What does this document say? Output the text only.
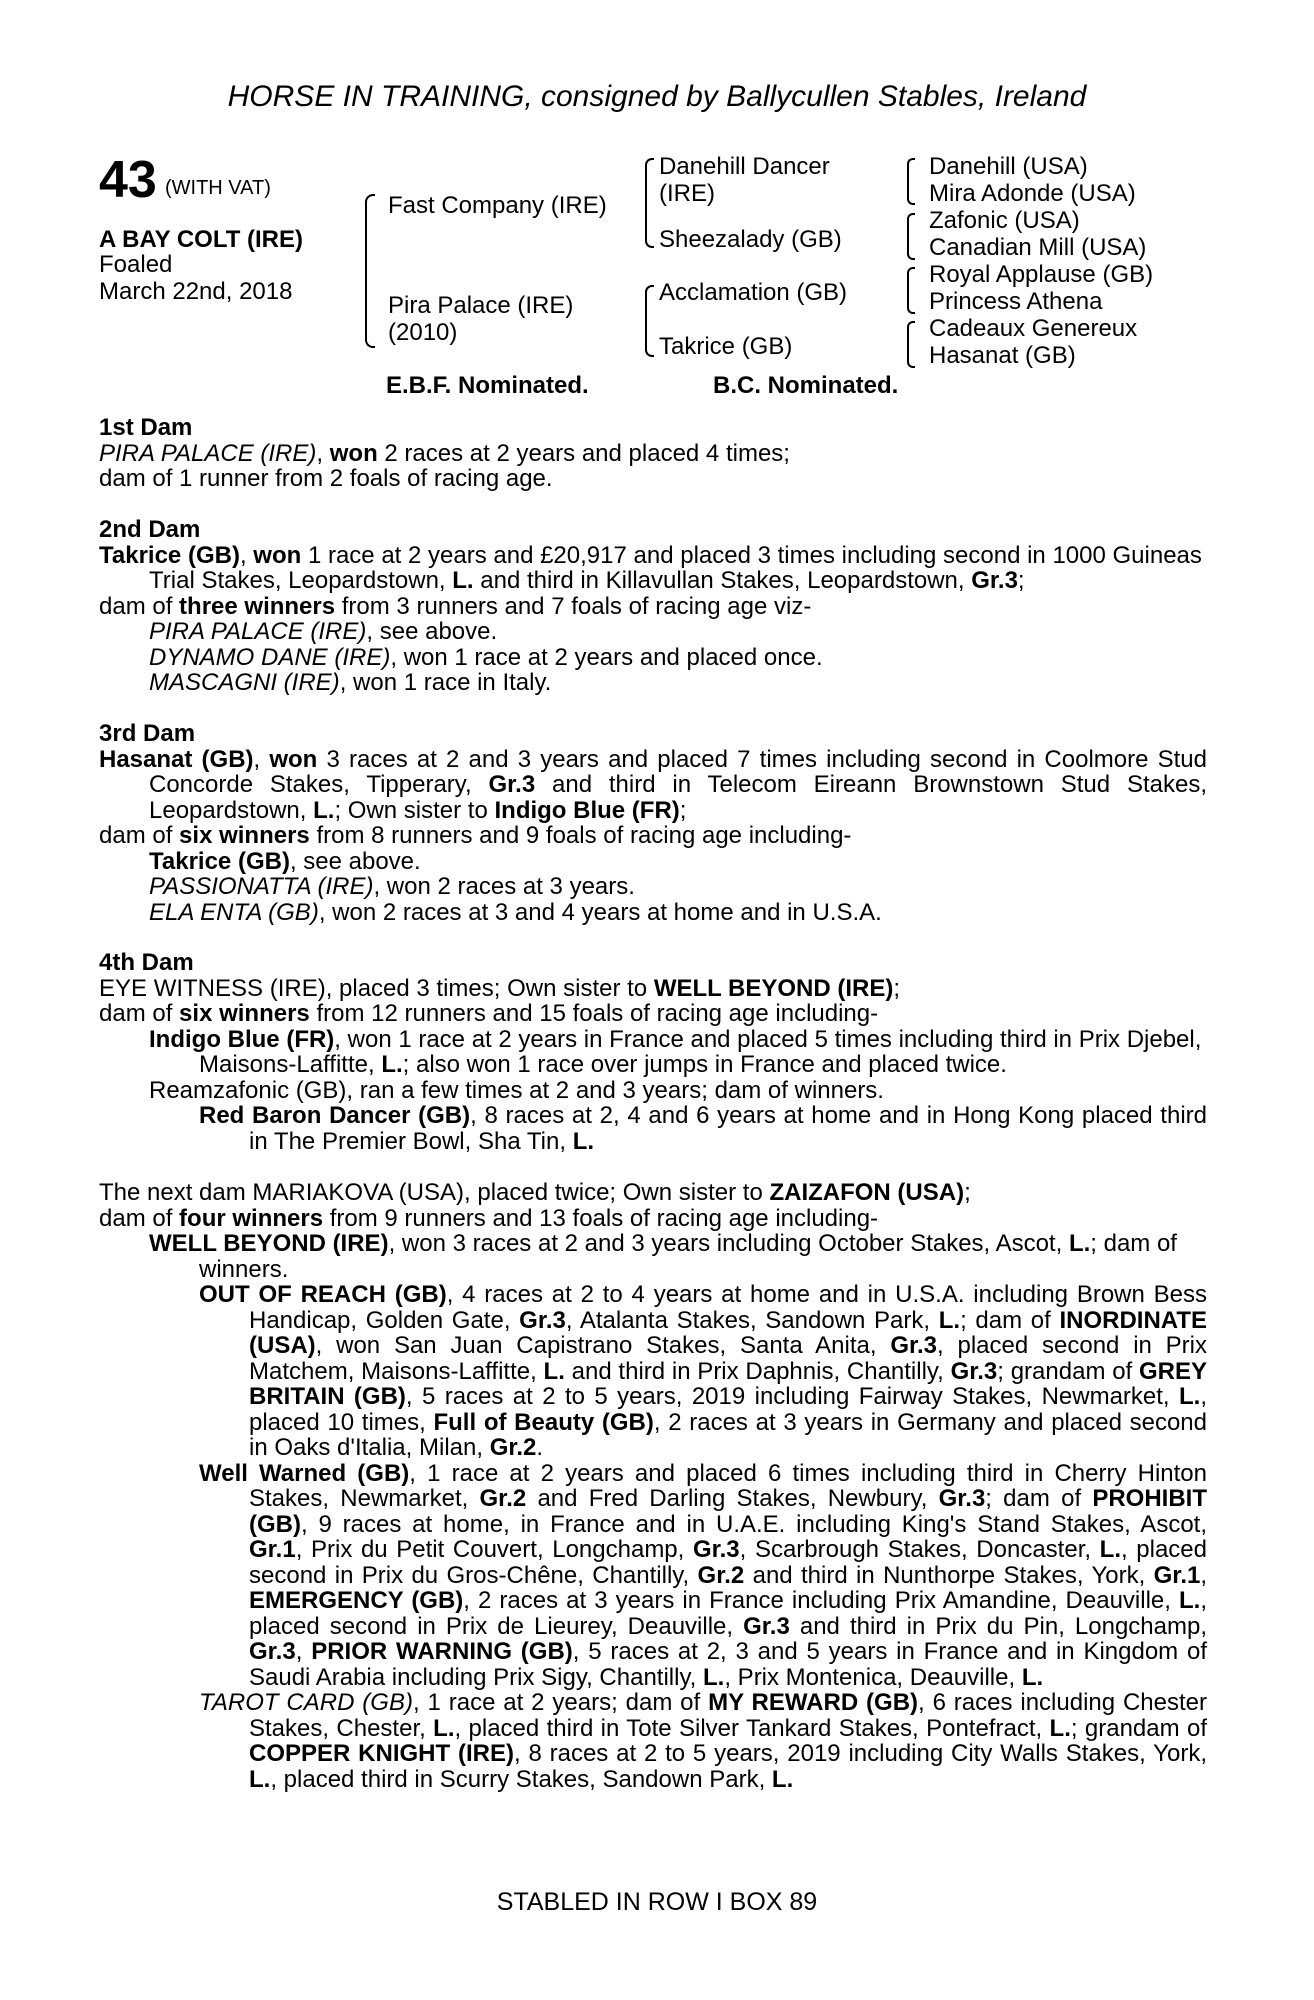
HORSE IN TRAINING, consigned by Ballycullen Stables, Ireland
43 (WITH VAT)
A BAY COLT (IRE)
Foaled
March 22nd, 2018
Fast Company (IRE)
Pira Palace (IRE)
(2010)
Danehill Dancer
(IRE)
Sheezalady (GB)
Acclamation (GB)
Takrice (GB)
Danehill (USA)
Mira Adonde (USA)
Zafonic (USA)
Canadian Mill (USA)
Royal Applause (GB)
Princess Athena
Cadeaux Genereux
Hasanat (GB)
E.B.F. Nominated.	B.C. Nominated.

1st Dam

PIRA PALACE (IRE), won 2 races at 2 years and placed 4 times;

dam of 1 runner from 2 foals of racing age.

2nd Dam

Takrice (GB), won 1 race at 2 years and £20,917 and placed 3 times including second in 1000 Guineas Trial Stakes, Leopardstown, L. and third in Killavullan Stakes, Leopardstown, Gr.3;

dam of three winners from 3 runners and 7 foals of racing age viz-

PIRA PALACE (IRE), see above.

DYNAMO DANE (IRE), won 1 race at 2 years and placed once.

MASCAGNI (IRE), won 1 race in Italy.

3rd Dam

Hasanat (GB), won 3 races at 2 and 3 years and placed 7 times including second in Coolmore Stud Concorde Stakes, Tipperary, Gr.3 and third in Telecom Eireann Brownstown Stud Stakes, Leopardstown, L.; Own sister to Indigo Blue (FR);

dam of six winners from 8 runners and 9 foals of racing age including-

Takrice (GB), see above.

PASSIONATTA (IRE), won 2 races at 3 years.

ELA ENTA (GB), won 2 races at 3 and 4 years at home and in U.S.A.

4th Dam

EYE WITNESS (IRE), placed 3 times; Own sister to WELL BEYOND (IRE);

dam of six winners from 12 runners and 15 foals of racing age including-

Indigo Blue (FR), won 1 race at 2 years in France and placed 5 times including third in Prix Djebel, Maisons-Laffitte, L.; also won 1 race over jumps in France and placed twice.

Reamzafonic (GB), ran a few times at 2 and 3 years; dam of winners.

Red Baron Dancer (GB), 8 races at 2, 4 and 6 years at home and in Hong Kong placed third in The Premier Bowl, Sha Tin, L.

The next dam MARIAKOVA (USA), placed twice; Own sister to ZAIZAFON (USA);

dam of four winners from 9 runners and 13 foals of racing age including-

WELL BEYOND (IRE), won 3 races at 2 and 3 years including October Stakes, Ascot, L.; dam of winners.

OUT OF REACH (GB), 4 races at 2 to 4 years at home and in U.S.A. including Brown Bess Handicap, Golden Gate, Gr.3, Atalanta Stakes, Sandown Park, L.; dam of INORDINATE (USA), won San Juan Capistrano Stakes, Santa Anita, Gr.3, placed second in Prix Matchem, Maisons-Laffitte, L. and third in Prix Daphnis, Chantilly, Gr.3; grandam of GREY BRITAIN (GB), 5 races at 2 to 5 years, 2019 including Fairway Stakes, Newmarket, L., placed 10 times, Full of Beauty (GB), 2 races at 3 years in Germany and placed second in Oaks d'Italia, Milan, Gr.2.

Well Warned (GB), 1 race at 2 years and placed 6 times including third in Cherry Hinton Stakes, Newmarket, Gr.2 and Fred Darling Stakes, Newbury, Gr.3; dam of PROHIBIT (GB), 9 races at home, in France and in U.A.E. including King's Stand Stakes, Ascot, Gr.1, Prix du Petit Couvert, Longchamp, Gr.3, Scarbrough Stakes, Doncaster, L., placed second in Prix du Gros-Chêne, Chantilly, Gr.2 and third in Nunthorpe Stakes, York, Gr.1, EMERGENCY (GB), 2 races at 3 years in France including Prix Amandine, Deauville, L., placed second in Prix de Lieurey, Deauville, Gr.3 and third in Prix du Pin, Longchamp, Gr.3, PRIOR WARNING (GB), 5 races at 2, 3 and 5 years in France and in Kingdom of Saudi Arabia including Prix Sigy, Chantilly, L., Prix Montenica, Deauville, L.

TAROT CARD (GB), 1 race at 2 years; dam of MY REWARD (GB), 6 races including Chester Stakes, Chester, L., placed third in Tote Silver Tankard Stakes, Pontefract, L.; grandam of COPPER KNIGHT (IRE), 8 races at 2 to 5 years, 2019 including City Walls Stakes, York, L., placed third in Scurry Stakes, Sandown Park, L.

STABLED IN ROW I BOX 89
